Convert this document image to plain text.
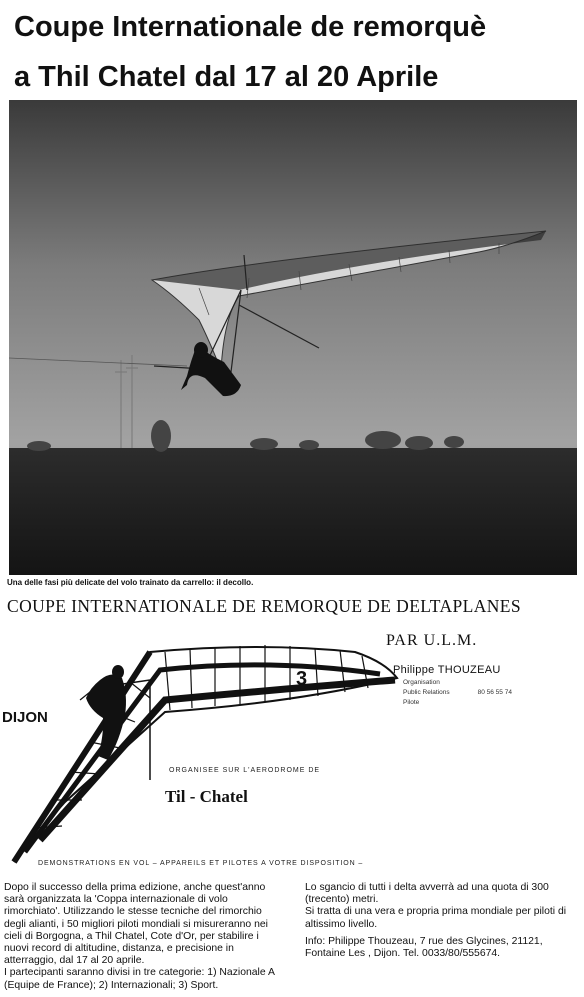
Coupe Internationale de remorquè
a Thil Chatel dal 17 al 20 Aprile
Una delle fasi più delicate del volo trainato da carrello: il decollo.
COUPE INTERNATIONALE DE REMORQUE DE DELTAPLANES
PAR U.L.M.
3
DIJON
Philippe THOUZEAU
Organisation
Public Relations	80 56 55 74
Pilote
ORGANISEE SUR L'AERODROME DE
Til - Chatel
DEMONSTRATIONS EN VOL – APPAREILS ET PILOTES A VOTRE DISPOSITION –

Dopo il successo della prima edizione, anche quest'anno sarà organizzata la 'Coppa internazionale di volo rimorchiato'. Utilizzando le stesse tecniche del rimorchio degli alianti, i 50 migliori piloti mondiali si misureranno nei cieli di Borgogna, a Thil Chatel, Cote d'Or, per stabilire i nuovi record di altitudine, distanza, e precisione in atterraggio, dal 17 al 20 aprile.

I partecipanti saranno divisi in tre categorie: 1) Nazionale A (Equipe de France); 2) Internazionali; 3) Sport.

Lo sgancio di tutti i delta avverrà ad una quota di 300 (trecento) metri.

Si tratta di una vera e propria prima mondiale per piloti di altissimo livello.

Info: Philippe Thouzeau, 7 rue des Glycines, 21121, Fontaine Les , Dijon. Tel. 0033/80/555674.
